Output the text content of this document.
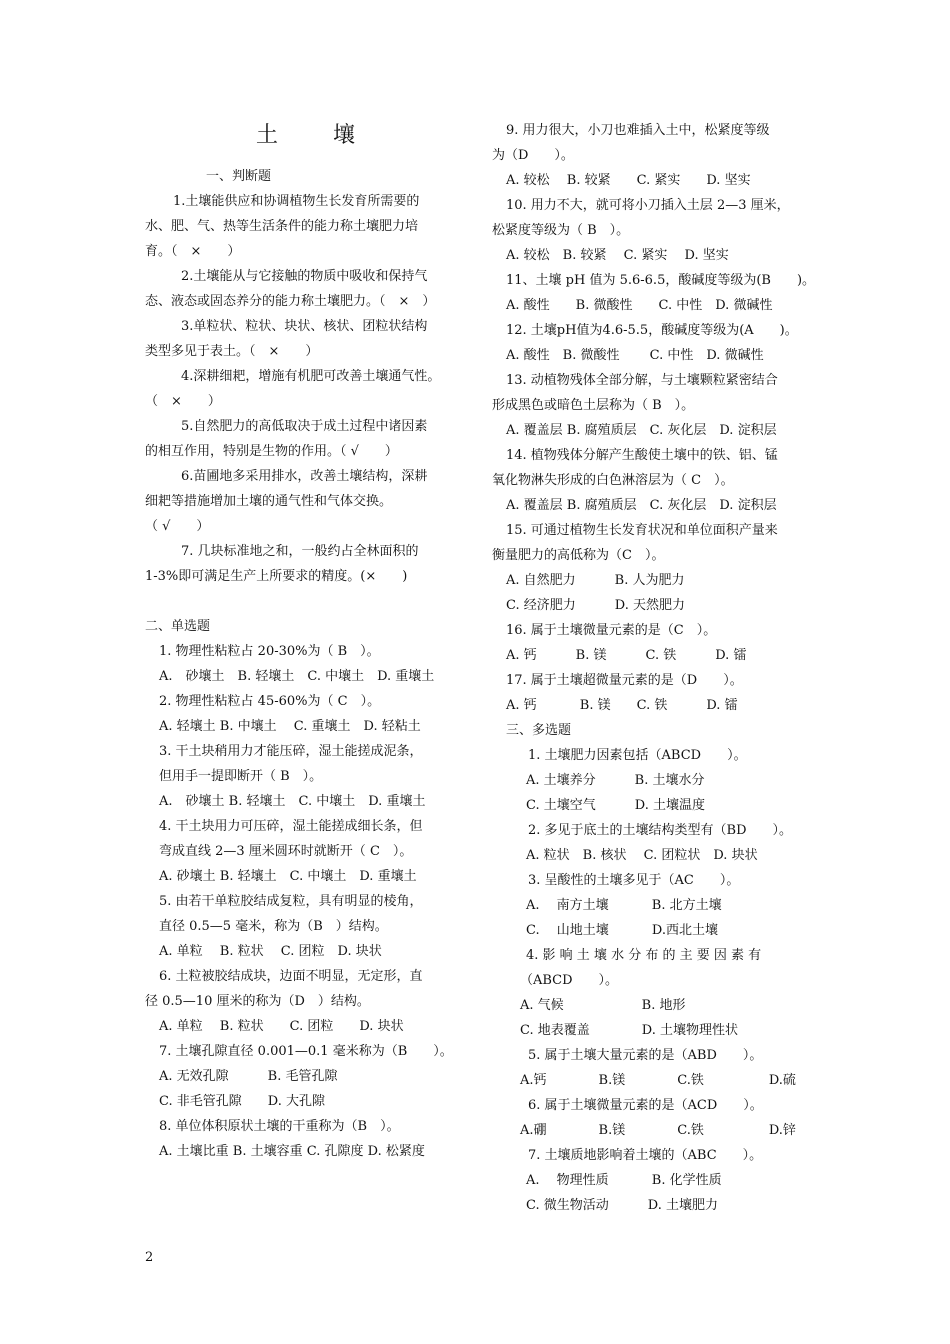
土 壤
　一、判断题
1.土壤能供应和协调植物生长发育所需要的
水、肥、气、热等生活条件的能力称土壤肥力培
育。（　×　　）
2.土壤能从与它接触的物质中吸收和保持气
态、液态或固态养分的能力称土壤肥力。（　×　）
3.单粒状、粒状、块状、核状、团粒状结构
类型多见于表土。（　×　　）
4.深耕细耙，增施有机肥可改善土壤通气性。
（　×　　）
5.自然肥力的高低取决于成土过程中诸因素
的相互作用，特别是生物的作用。（ √　　）
6.苗圃地多采用排水，改善土壤结构，深耕
细耙等措施增加土壤的通气性和气体交换。
（ √　　）
7. 几块标准地之和，一般约占全林面积的
1-3%即可满足生产上所要求的精度。(×　　)
二、单选题
1. 物理性粘粒占 20-30%为（ B　）。
A.　砂壤土　B. 轻壤土　C. 中壤土　D. 重壤土
2. 物理性粘粒占 45-60%为（ C　）。
A. 轻壤土 B. 中壤土　 C. 重壤土　D. 轻粘土
3. 干土块稍用力才能压碎，湿土能搓成泥条，
但用手一提即断开（ B　）。
A.　砂壤土 B. 轻壤土　C. 中壤土　D. 重壤土
4. 干土块用力可压碎，湿土能搓成细长条，但
弯成直线 2—3 厘米圆环时就断开（ C　）。
A. 砂壤土 B. 轻壤土　C. 中壤土　D. 重壤土
5. 由若干单粒胶结成复粒，具有明显的棱角，
直径 0.5—5 毫米，称为（B　）结构。
A. 单粒　 B. 粒状　 C. 团粒　D. 块状
6. 土粒被胶结成块，边面不明显，无定形，直
径 0.5—10 厘米的称为（D　）结构。
A. 单粒　 B. 粒状　　C. 团粒　　D. 块状
7. 土壤孔隙直径 0.001—0.1 毫米称为（B　　）。
A. 无效孔隙　　　B. 毛管孔隙
C. 非毛管孔隙　　D. 大孔隙
8. 单位体积原状土壤的干重称为（B　）。
A. 土壤比重 B. 土壤容重 C. 孔隙度 D. 松紧度
9. 用力很大，小刀也难插入土中，松紧度等级
为（D　　）。
A. 较松　 B. 较紧　　C. 紧实　　D. 坚实
10. 用力不大，就可将小刀插入土层 2—3 厘米，
松紧度等级为（ B　）。
A. 较松　B. 较紧　 C. 紧实　 D. 坚实
11、土壤 pH 值为 5.6-6.5，酸碱度等级为(B　　)。
A. 酸性　　B. 微酸性　　C. 中性　D. 微碱性
12. 土壤pH值为4.6-5.5，酸碱度等级为(A　　)。
A. 酸性　B. 微酸性　　 C. 中性　D. 微碱性
13. 动植物残体全部分解，与土壤颗粒紧密结合
形成黑色或暗色土层称为（ B　）。
A. 覆盖层 B. 腐殖质层　C. 灰化层　D. 淀积层
14. 植物残体分解产生酸使土壤中的铁、铝、锰
氧化物淋失形成的白色淋溶层为（ C　）。
A. 覆盖层 B. 腐殖质层　C. 灰化层　D. 淀积层
15. 可通过植物生长发育状况和单位面积产量来
衡量肥力的高低称为（C　）。
A. 自然肥力　　　B. 人为肥力
C. 经济肥力　　　D. 天然肥力
16. 属于土壤微量元素的是（C　）。
A. 钙　　　B. 镁　　　C. 铁　　　D. 镭
17. 属于土壤超微量元素的是（D　　）。
A. 钙　　　 B. 镁　　C. 铁　　　D. 镭
三、多选题
1. 土壤肥力因素包括（ABCD　　）。
A. 土壤养分　　　B. 土壤水分
C. 土壤空气　　　D. 土壤温度
2. 多见于底土的土壤结构类型有（BD　　）。
A. 粒状　B. 核状　 C. 团粒状　D. 块状
3. 呈酸性的土壤多见于（AC　　）。
A.　 南方土壤　　　 B. 北方土壤
C.　 山地土壤　　　 D.西北土壤
4. 影 响 土 壤 水 分 布 的 主 要 因 素 有
（ABCD　　）。
A. 气候　　　　　　B. 地形
C. 地表覆盖　　　　D. 土壤物理性状
5. 属于土壤大量元素的是（ABD　　）。
A.钙　　　　B.镁　　　　C.铁　　　　　D.硫
6. 属于土壤微量元素的是（ACD　　）。
A.硼　　　　B.镁　　　　C.铁　　　　　D.锌
7. 土壤质地影响着土壤的（ABC　　）。
A.　 物理性质　　　 B. 化学性质
C. 微生物活动　　　D. 土壤肥力
2
